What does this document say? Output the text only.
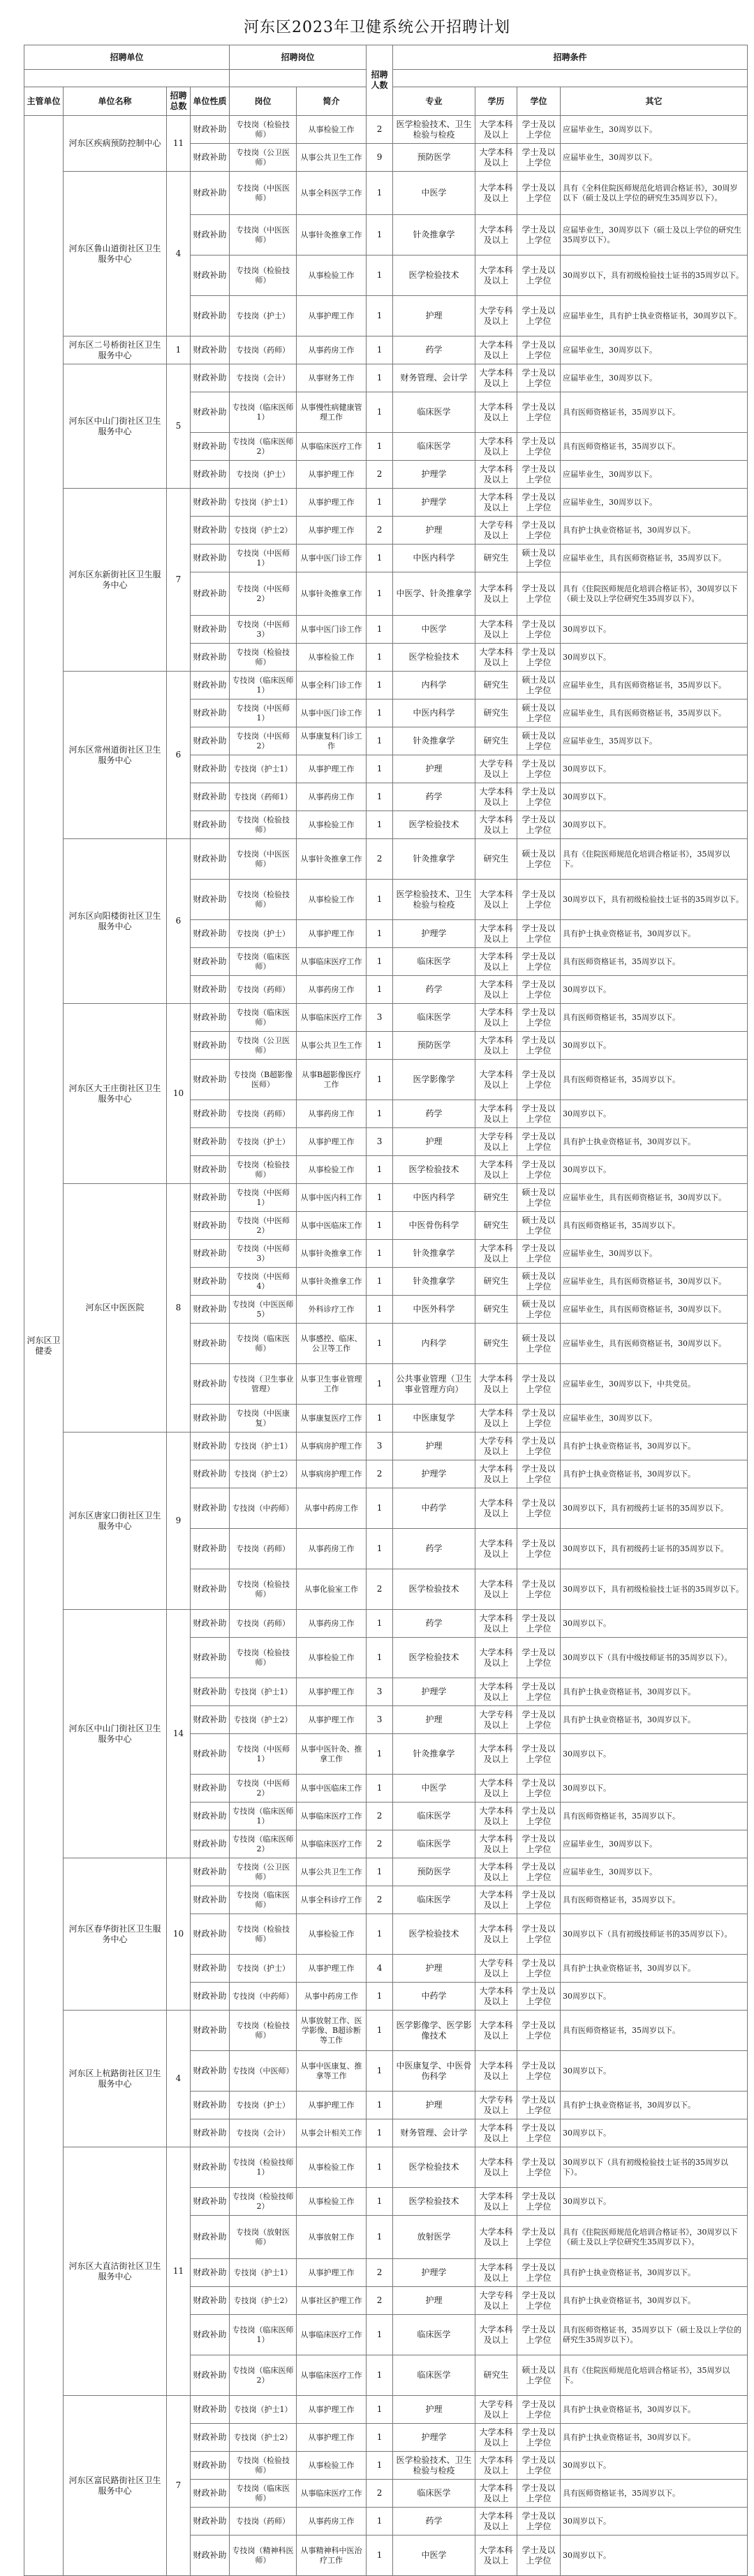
河东区2023年卫健系统公开招聘计划
招聘单位				招聘岗位		招聘人数	招聘条件			

主管单位	单位名称	招聘总数	单位性质	岗位	简介		专业	学历	学位	其它
河东区卫健委	河东区疾病预防控制中心	11	财政补助	专技岗（检验技师）	从事检验工作	2	医学检验技术、卫生检验与检疫	大学本科及以上	学士及以上学位	应届毕业生，30周岁以下。
			财政补助	专技岗（公卫医师）	从事公共卫生工作	9	预防医学	大学本科及以上	学士及以上学位	应届毕业生，30周岁以下。
	河东区鲁山道街社区卫生服务中心	4	财政补助	专技岗（中医医师）	从事全科医学工作	1	中医学	大学本科及以上	学士及以上学位	具有《全科住院医师规范化培训合格证书》，30周岁以下（硕士及以上学位的研究生35周岁以下）。
			财政补助	专技岗（中医医师）	从事针灸推拿工作	1	针灸推拿学	大学本科及以上	学士及以上学位	应届毕业生，30周岁以下（硕士及以上学位的研究生35周岁以下）。
			财政补助	专技岗（检验技师）	从事检验工作	1	医学检验技术	大学本科及以上	学士及以上学位	30周岁以下，具有初级检验技士证书的35周岁以下。
			财政补助	专技岗（护士）	从事护理工作	1	护理	大学专科及以上	学士及以上学位	应届毕业生，具有护士执业资格证书，30周岁以下。
	河东区二号桥街社区卫生服务中心	1	财政补助	专技岗（药师）	从事药房工作	1	药学	大学本科及以上	学士及以上学位	应届毕业生，30周岁以下。
	河东区中山门街社区卫生服务中心	5	财政补助	专技岗（会计）	从事财务工作	1	财务管理、会计学	大学本科及以上	学士及以上学位	应届毕业生，30周岁以下。
			财政补助	专技岗（临床医师1）	从事慢性病健康管理工作	1	临床医学	大学本科及以上	学士及以上学位	具有医师资格证书，35周岁以下。
			财政补助	专技岗（临床医师2）	从事临床医疗工作	1	临床医学	大学本科及以上	学士及以上学位	具有医师资格证书，35周岁以下。
			财政补助	专技岗（护士）	从事护理工作	2	护理学	大学本科及以上	学士及以上学位	应届毕业生，30周岁以下。
	河东区东新街社区卫生服务中心	7	财政补助	专技岗（护士1）	从事护理工作	1	护理学	大学本科及以上	学士及以上学位	应届毕业生，30周岁以下。
			财政补助	专技岗（护士2）	从事护理工作	2	护理	大学专科及以上	学士及以上学位	具有护士执业资格证书，30周岁以下。
			财政补助	专技岗（中医师1）	从事中医门诊工作	1	中医内科学	研究生	硕士及以上学位	应届毕业生，具有医师资格证书，35周岁以下。
			财政补助	专技岗（中医师2）	从事针灸推拿工作	1	中医学、针灸推拿学	大学本科及以上	学士及以上学位	具有《住院医师规范化培训合格证书》，30周岁以下（硕士及以上学位研究生35周岁以下）。
			财政补助	专技岗（中医师3）	从事中医门诊工作	1	中医学	大学本科及以上	学士及以上学位	30周岁以下。
			财政补助	专技岗（检验技师）	从事检验工作	1	医学检验技术	大学本科及以上	学士及以上学位	30周岁以下。
	河东区常州道街社区卫生服务中心	6	财政补助	专技岗（临床医师1）	从事全科门诊工作	1	内科学	研究生	硕士及以上学位	应届毕业生，具有医师资格证书，35周岁以下。
			财政补助	专技岗（中医师1）	从事中医门诊工作	1	中医内科学	研究生	硕士及以上学位	应届毕业生，具有医师资格证书，35周岁以下。
			财政补助	专技岗（中医师2）	从事康复科门诊工作	1	针灸推拿学	研究生	硕士及以上学位	应届毕业生，35周岁以下。
			财政补助	专技岗（护士1）	从事护理工作	1	护理	大学专科及以上	学士及以上学位	30周岁以下。
			财政补助	专技岗（药师1）	从事药房工作	1	药学	大学本科及以上	学士及以上学位	30周岁以下。
			财政补助	专技岗（检验技师）	从事检验工作	1	医学检验技术	大学本科及以上	学士及以上学位	30周岁以下。
	河东区向阳楼街社区卫生服务中心	6	财政补助	专技岗（中医医师）	从事针灸推拿工作	2	针灸推拿学	研究生	硕士及以上学位	具有《住院医师规范化培训合格证书》，35周岁以下。
			财政补助	专技岗（检验技师）	从事检验工作	1	医学检验技术、卫生检验与检疫	大学本科及以上	学士及以上学位	30周岁以下，具有初级检验技士证书的35周岁以下。
			财政补助	专技岗（护士）	从事护理工作	1	护理学	大学本科及以上	学士及以上学位	具有护士执业资格证书，30周岁以下。
			财政补助	专技岗（临床医师）	从事临床医疗工作	1	临床医学	大学本科及以上	学士及以上学位	具有医师资格证书，35周岁以下。
			财政补助	专技岗（药师）	从事药房工作	1	药学	大学本科及以上	学士及以上学位	30周岁以下。
	河东区大王庄街社区卫生服务中心	10	财政补助	专技岗（临床医师）	从事临床医疗工作	3	临床医学	大学本科及以上	学士及以上学位	具有医师资格证书，35周岁以下。
			财政补助	专技岗（公卫医师）	从事公共卫生工作	1	预防医学	大学本科及以上	学士及以上学位	30周岁以下。
			财政补助	专技岗（B超影像医师）	从事B超影像医疗工作	1	医学影像学	大学本科及以上	学士及以上学位	具有医师资格证书，35周岁以下。
			财政补助	专技岗（药师）	从事药房工作	1	药学	大学本科及以上	学士及以上学位	30周岁以下。
			财政补助	专技岗（护士）	从事护理工作	3	护理	大学专科及以上	学士及以上学位	具有护士执业资格证书，30周岁以下。
			财政补助	专技岗（检验技师）	从事检验工作	1	医学检验技术	大学本科及以上	学士及以上学位	30周岁以下。
	河东区中医医院	8	财政补助	专技岗（中医师1）	从事中医内科工作	1	中医内科学	研究生	硕士及以上学位	应届毕业生，具有医师资格证书，30周岁以下。
			财政补助	专技岗（中医师2）	从事中医临床工作	1	中医骨伤科学	研究生	硕士及以上学位	具有医师资格证书，35周岁以下。
			财政补助	专技岗（中医师3）	从事针灸推拿工作	1	针灸推拿学	大学本科及以上	学士及以上学位	应届毕业生，30周岁以下。
			财政补助	专技岗（中医师4）	从事针灸推拿工作	1	针灸推拿学	研究生	硕士及以上学位	应届毕业生，具有医师资格证书，30周岁以下。
			财政补助	专技岗（中医医师5）	外科诊疗工作	1	中医外科学	研究生	硕士及以上学位	应届毕业生，具有医师资格证书，30周岁以下。
			财政补助	专技岗（临床医师）	从事感控、临床、公卫等工作	1	内科学	研究生	硕士及以上学位	应届毕业生，具有医师资格证书，30周岁以下。
			财政补助	专技岗（卫生事业管理）	从事卫生事业管理工作	1	公共事业管理（卫生事业管理方向）	大学本科及以上	学士及以上学位	应届毕业生，30周岁以下，中共党员。
			财政补助	专技岗（中医康复）	从事康复医疗工作	1	中医康复学	大学本科及以上	学士及以上学位	应届毕业生，30周岁以下。
	河东区唐家口街社区卫生服务中心	9	财政补助	专技岗（护士1）	从事病房护理工作	3	护理	大学专科及以上	学士及以上学位	具有护士执业资格证书，30周岁以下。
			财政补助	专技岗（护士2）	从事病房护理工作	2	护理学	大学本科及以上	学士及以上学位	具有护士执业资格证书，30周岁以下。
			财政补助	专技岗（中药师）	从事中药房工作	1	中药学	大学本科及以上	学士及以上学位	30周岁以下，具有初级药士证书的35周岁以下。
			财政补助	专技岗（药师）	从事药房工作	1	药学	大学本科及以上	学士及以上学位	30周岁以下，具有初级药士证书的35周岁以下。
			财政补助	专技岗（检验技师）	从事化验室工作	2	医学检验技术	大学本科及以上	学士及以上学位	30周岁以下，具有初级检验技士证书的35周岁以下。
	河东区中山门街社区卫生服务中心	14	财政补助	专技岗（药师）	从事药房工作	1	药学	大学本科及以上	学士及以上学位	30周岁以下。
			财政补助	专技岗（检验技师）	从事检验工作	1	医学检验技术	大学本科及以上	学士及以上学位	30周岁以下（具有中级技师证书的35周岁以下）。
			财政补助	专技岗（护士1）	从事护理工作	3	护理学	大学本科及以上	学士及以上学位	具有护士执业资格证书，30周岁以下。
			财政补助	专技岗（护士2）	从事护理工作	3	护理	大学专科及以上	学士及以上学位	具有护士执业资格证书，30周岁以下。
			财政补助	专技岗（中医师1）	从事中医针灸、推拿工作	1	针灸推拿学	大学本科及以上	学士及以上学位	30周岁以下。
			财政补助	专技岗（中医师2）	从事中医临床工作	1	中医学	大学本科及以上	学士及以上学位	30周岁以下。
			财政补助	专技岗（临床医师1）	从事临床医疗工作	2	临床医学	大学本科及以上	学士及以上学位	具有医师资格证书，35周岁以下。
			财政补助	专技岗（临床医师2）	从事临床医疗工作	2	临床医学	大学本科及以上	学士及以上学位	应届毕业生，30周岁以下。
	河东区春华街社区卫生服务中心	10	财政补助	专技岗（公卫医师）	从事公共卫生工作	1	预防医学	大学本科及以上	学士及以上学位	应届毕业生，30周岁以下。
			财政补助	专技岗（临床医师）	从事全科诊疗工作	2	临床医学	大学本科及以上	学士及以上学位	具有医师资格证书，35周岁以下。
			财政补助	专技岗（检验技师）	从事检验工作	1	医学检验技术	大学本科及以上	学士及以上学位	30周岁以下（具有初级技师证书的35周岁以下）。
			财政补助	专技岗（护士）	从事护理工作	4	护理	大学专科及以上	学士及以上学位	具有护士执业资格证书，30周岁以下。
			财政补助	专技岗（中药师）	从事中药房工作	1	中药学	大学本科及以上	学士及以上学位	30周岁以下。
	河东区上杭路街社区卫生服务中心	4	财政补助	专技岗（检验技师）	从事放射工作、医学影像、B超诊断等工作	1	医学影像学、医学影像技术	大学本科及以上	学士及以上学位	具有医师资格证书，35周岁以下。
			财政补助	专技岗（中医师）	从事中医康复、推拿等工作	1	中医康复学、中医骨伤科学	大学本科及以上	学士及以上学位	30周岁以下。
			财政补助	专技岗（护士）	从事护理工作	1	护理	大学专科及以上	学士及以上学位	具有护士执业资格证书，30周岁以下。
			财政补助	专技岗（会计）	从事会计相关工作	1	财务管理、会计学	大学本科及以上	学士及以上学位	30周岁以下。
	河东区大直沽街社区卫生服务中心	11	财政补助	专技岗（检验技师1）	从事检验工作	1	医学检验技术	大学本科及以上	学士及以上学位	30周岁以下（具有初级检验技士证书的35周岁以下）。
			财政补助	专技岗（检验技师2）	从事检验工作	1	医学检验技术	大学本科及以上	学士及以上学位	30周岁以下。
			财政补助	专技岗（放射医师）	从事放射工作	1	放射医学	大学本科及以上	学士及以上学位	具有《住院医师规范化培训合格证书》，30周岁以下（硕士及以上学位研究生35周岁以下）。
			财政补助	专技岗（护士1）	从事护理工作	2	护理学	大学本科及以上	学士及以上学位	具有护士执业资格证书，30周岁以下。
			财政补助	专技岗（护士2）	从事社区护理工作	2	护理	大学专科及以上	学士及以上学位	具有护士执业资格证书，30周岁以下。
			财政补助	专技岗（临床医师1）	从事临床医疗工作	1	临床医学	大学本科及以上	学士及以上学位	具有医师资格证书，35周岁以下（硕士及以上学位的研究生35周岁以下）。
			财政补助	专技岗（临床医师2）	从事临床医疗工作	1	临床医学	研究生	硕士及以上学位	具有《住院医师规范化培训合格证书》，35周岁以下。
	河东区富民路街社区卫生服务中心	7	财政补助	专技岗（护士1）	从事护理工作	1	护理	大学专科及以上	学士及以上学位	具有护士执业资格证书，30周岁以下。
			财政补助	专技岗（护士2）	从事护理工作	1	护理学	大学本科及以上	学士及以上学位	具有护士执业资格证书，30周岁以下。
			财政补助	专技岗（检验技师）	从事检验工作	1	医学检验技术、卫生检验与检疫	大学本科及以上	学士及以上学位	30周岁以下。
			财政补助	专技岗（临床医师）	从事临床医疗工作	2	临床医学	大学本科及以上	学士及以上学位	具有医师资格证书，35周岁以下。
			财政补助	专技岗（药师）	从事药房工作	1	药学	大学本科及以上	学士及以上学位	30周岁以下。
			财政补助	专技岗（精神科医师）	从事精神科中医治疗工作	1	中医学	大学本科及以上	学士及以上学位	30周岁以下。
